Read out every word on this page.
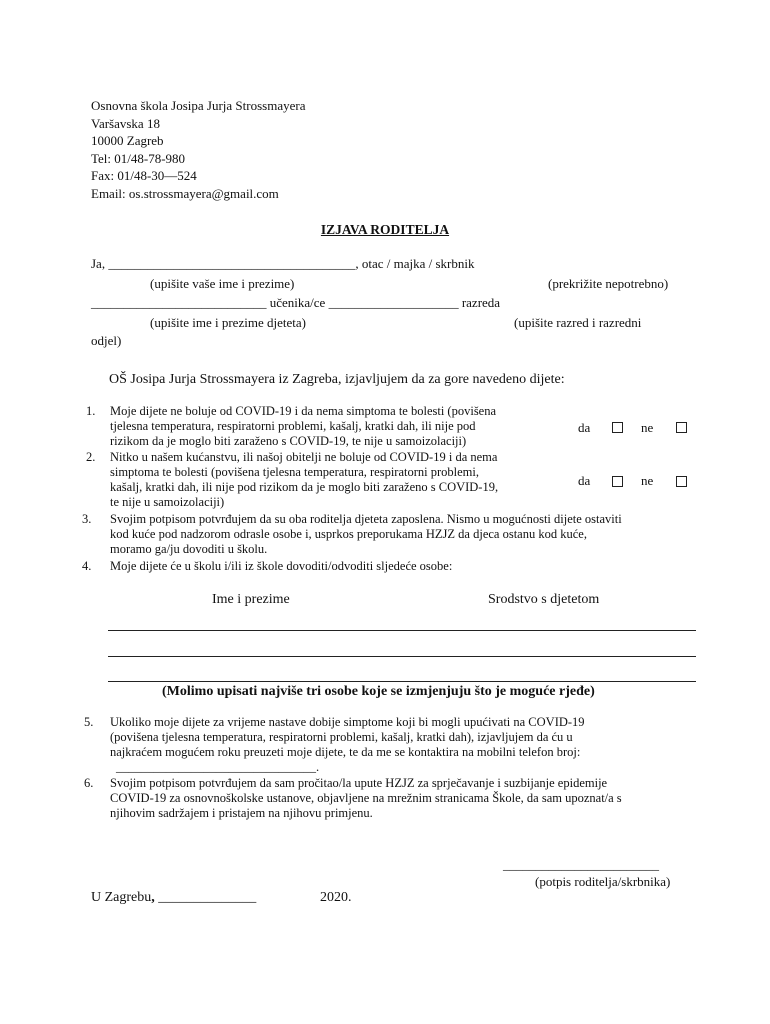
Osnovna škola Josipa Jurja Strossmayera
Varšavska 18
10000 Zagreb
Tel: 01/48-78-980
Fax: 01/48-30—524
Email: os.strossmayera@gmail.com
IZJAVA RODITELJA
Ja, ______________________________________, otac / majka / skrbnik
(upišite vaše ime i prezime)	(prekrižite nepotrebno)
___________________________ učenika/ce ____________________ razreda
(upišite ime i prezime djeteta)	(upišite razred i razredni
odjel)
OŠ Josipa Jurja Strossmayera iz Zagreba, izjavljujem da za gore navedeno dijete:
1. Moje dijete ne boluje od COVID-19 i da nema simptoma te bolesti (povišena
tjelesna temperatura, respiratorni problemi, kašalj, kratki dah, ili nije pod
rizikom da je moglo biti zaraženo s COVID-19, te nije u samoizolaciji)
da	ne
2. Nitko u našem kućanstvu, ili našoj obitelji ne boluje od COVID-19 i da nema
simptoma te bolesti (povišena tjelesna temperatura, respiratorni problemi,
kašalj, kratki dah, ili nije pod rizikom da je moglo biti zaraženo s COVID-19,
te nije u samoizolaciji)
da	ne
3. Svojim potpisom potvrđujem da su oba roditelja djeteta zaposlena. Nismo u mogućnosti dijete ostaviti
kod kuće pod nadzorom odrasle osobe i, usprkos preporukama HZJZ da djeca ostanu kod kuće,
moramo ga/ju dovoditi u školu.
4. Moje dijete će u školu i/ili iz škole dovoditi/odvoditi sljedeće osobe:
Ime i prezime	Srodstvo s djetetom
(Molimo upisati najviše tri osobe koje se izmjenjuju što je moguće rjeđe)
5. Ukoliko moje dijete za vrijeme nastave dobije simptome koji bi mogli upućivati na COVID-19
(povišena tjelesna temperatura, respiratorni problemi, kašalj, kratki dah), izjavljujem da ću u
najkraćem mogućem roku preuzeti moje dijete, te da me se kontaktira na mobilni telefon broj:
________________________________.
6. Svojim potpisom potvrđujem da sam pročitao/la upute HZJZ za sprječavanje i suzbijanje epidemije
COVID-19 za osnovnoškolske ustanove, objavljene na mrežnim stranicama Škole, da sam upoznat/a s
njihovim sadržajem i pristajem na njihovu primjenu.
________________________
(potpis roditelja/skrbnika)
U Zagrebu, ______________	2020.
